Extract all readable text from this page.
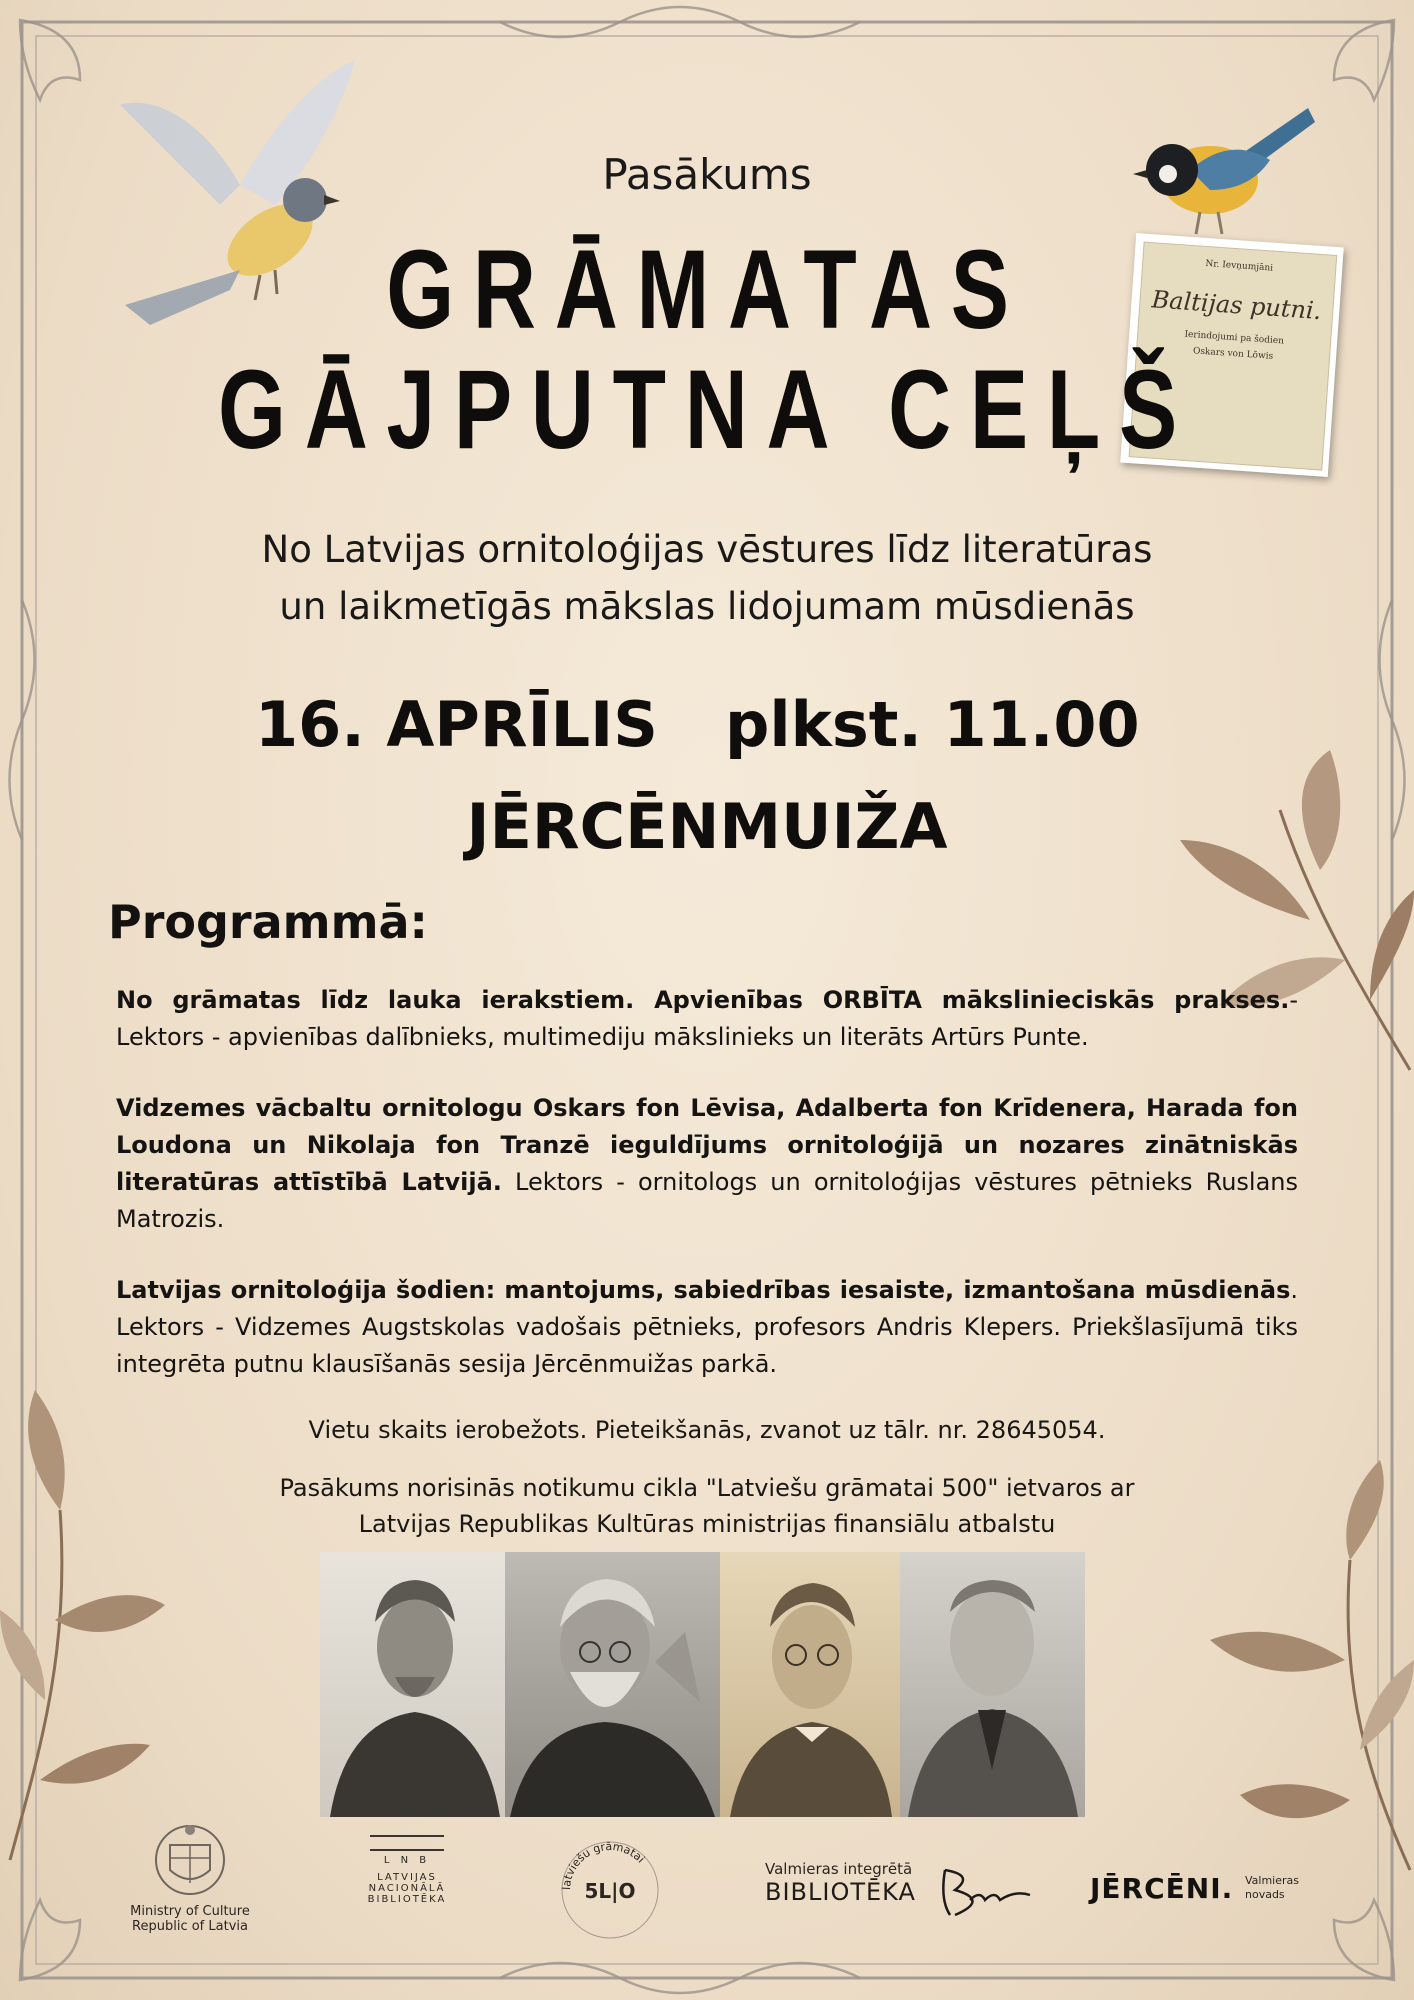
Nr. Ievņumjāni
Baltijas putni.
Ierindojumi pa šodien
Oskars von Lōwis
Pasākums
GRĀMATAS
GĀJPUTNA CEĻŠ
No Latvijas ornitoloģijas vēstures līdz literatūras
un laikmetīgās mākslas lidojumam mūsdienās
16. APRĪLIS plkst. 11.00
JĒRCĒNMUIŽA
Programmā:
No grāmatas līdz lauka ierakstiem. Apvienības ORBĪTA mākslinieciskās prakses.- Lektors - apvienības dalībnieks, multimediju mākslinieks un literāts Artūrs Punte.
Vidzemes vācbaltu ornitologu Oskars fon Lēvisa, Adalberta fon Krīdenera, Harada fon Loudona un Nikolaja fon Tranzē ieguldījums ornitoloģijā un nozares zinātniskās literatūras attīstībā Latvijā. Lektors - ornitologs un ornitoloģijas vēstures pētnieks Ruslans Matrozis.
Latvijas ornitoloģija šodien: mantojums, sabiedrības iesaiste, izmantošana mūsdienās. Lektors - Vidzemes Augstskolas vadošais pētnieks, profesors Andris Klepers. Priekšlasījumā tiks integrēta putnu klausīšanās sesija Jērcēnmuižas parkā.
Vietu skaits ierobežots. Pieteikšanās, zvanot uz tālr. nr. 28645054.
Pasākums norisinās notikumu cikla "Latviešu grāmatai 500" ietvaros ar
Latvijas Republikas Kultūras ministrijas finansiālu atbalstu
Ministry of Culture
Republic of Latvia
L N B
LATVIJAS
NACIONĀLĀ
BIBLIOTĒKA
latviešu grāmatai
5L|O
Valmieras integrētā
BIBLIOTĒKA	JĒRCĒNI. Valmieras
novads
